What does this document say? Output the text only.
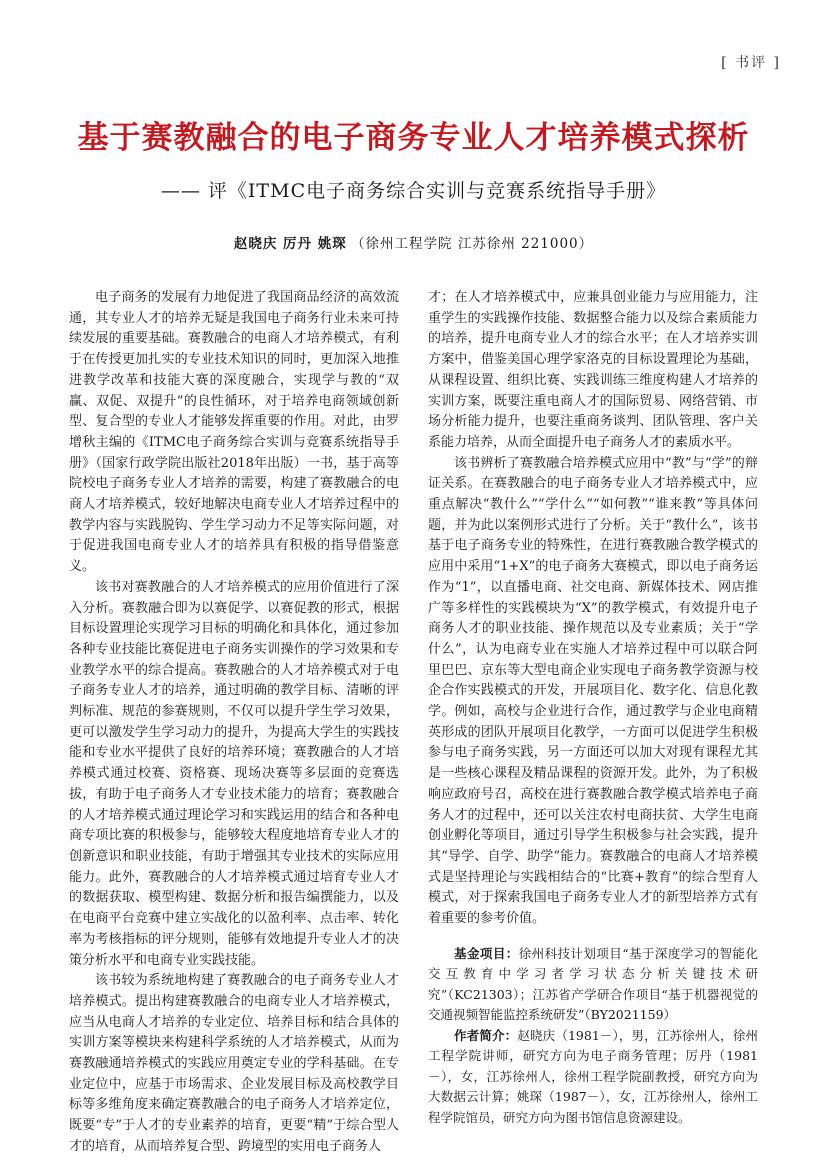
[ 书评 ]
基于赛教融合的电子商务专业人才培养模式探析
—— 评《ITMC电子商务综合实训与竞赛系统指导手册》
赵晓庆 厉丹 姚琛 （徐州工程学院 江苏徐州 221000）

电子商务的发展有力地促进了我国商品经济的高效流通，其专业人才的培养无疑是我国电子商务行业未来可持续发展的重要基础。赛教融合的电商人才培养模式，有利于在传授更加扎实的专业技术知识的同时，更加深入地推进教学改革和技能大赛的深度融合，实现学与教的“双赢、双促、双提升”的良性循环，对于培养电商领域创新型、复合型的专业人才能够发挥重要的作用。对此，由罗增秋主编的《ITMC电子商务综合实训与竞赛系统指导手册》（国家行政学院出版社2018年出版）一书，基于高等院校电子商务专业人才培养的需要，构建了赛教融合的电商人才培养模式，较好地解决电商专业人才培养过程中的教学内容与实践脱钩、学生学习动力不足等实际问题，对于促进我国电商专业人才的培养具有积极的指导借鉴意义。

该书对赛教融合的人才培养模式的应用价值进行了深入分析。赛教融合即为以赛促学、以赛促教的形式，根据目标设置理论实现学习目标的明确化和具体化，通过参加各种专业技能比赛促进电子商务实训操作的学习效果和专业教学水平的综合提高。赛教融合的人才培养模式对于电子商务专业人才的培养，通过明确的教学目标、清晰的评判标准、规范的参赛规则，不仅可以提升学生学习效果，更可以激发学生学习动力的提升，为提高大学生的实践技能和专业水平提供了良好的培养环境；赛教融合的人才培养模式通过校赛、资格赛、现场决赛等多层面的竞赛选拔，有助于电子商务人才专业技术能力的培育；赛教融合的人才培养模式通过理论学习和实践运用的结合和各种电商专项比赛的积极参与，能够较大程度地培育专业人才的创新意识和职业技能，有助于增强其专业技术的实际应用能力。此外，赛教融合的人才培养模式通过培育专业人才的数据获取、模型构建、数据分析和报告编撰能力，以及在电商平台竞赛中建立实战化的以盈利率、点击率、转化率为考核指标的评分规则，能够有效地提升专业人才的决策分析水平和电商专业实践技能。

该书较为系统地构建了赛教融合的电子商务专业人才培养模式。提出构建赛教融合的电商专业人才培养模式，应当从电商人才培养的专业定位、培养目标和结合具体的实训方案等模块来构建科学系统的人才培养模式，从而为赛教融通培养模式的实践应用奠定专业的学科基础。在专业定位中，应基于市场需求、企业发展目标及高校教学目标等多维角度来确定赛教融合的电子商务人才培养定位，既要“专”于人才的专业素养的培育，更要“精”于综合型人才的培育，从而培养复合型、跨境型的实用电子商务人

才；在人才培养模式中，应兼具创业能力与应用能力，注重学生的实践操作技能、数据整合能力以及综合素质能力的培养，提升电商专业人才的综合水平；在人才培养实训方案中，借鉴美国心理学家洛克的目标设置理论为基础，从课程设置、组织比赛、实践训练三维度构建人才培养的实训方案，既要注重电商人才的国际贸易、网络营销、市场分析能力提升，也要注重商务谈判、团队管理、客户关系能力培养，从而全面提升电子商务人才的素质水平。

该书辨析了赛教融合培养模式应用中“教”与“学”的辩证关系。在赛教融合的电子商务专业人才培养模式中，应重点解决“教什么”“学什么”“如何教”“谁来教”等具体问题，并为此以案例形式进行了分析。关于“教什么”，该书基于电子商务专业的特殊性，在进行赛教融合教学模式的应用中采用“1+X”的电子商务大赛模式，即以电子商务运作为“1”，以直播电商、社交电商、新媒体技术、网店推广等多样性的实践模块为“X”的教学模式，有效提升电子商务人才的职业技能、操作规范以及专业素质；关于“学什么”，认为电商专业在实施人才培养过程中可以联合阿里巴巴、京东等大型电商企业实现电子商务教学资源与校企合作实践模式的开发，开展项目化、数字化、信息化教学。例如，高校与企业进行合作，通过教学与企业电商精英形成的团队开展项目化教学，一方面可以促进学生积极参与电子商务实践，另一方面还可以加大对现有课程尤其是一些核心课程及精品课程的资源开发。此外，为了积极响应政府号召，高校在进行赛教融合教学模式培养电子商务人才的过程中，还可以关注农村电商扶贫、大学生电商创业孵化等项目，通过引导学生积极参与社会实践，提升其“导学、自学、助学”能力。赛教融合的电商人才培养模式是坚持理论与实践相结合的“比赛+教育”的综合型育人模式，对于探索我国电子商务专业人才的新型培养方式有着重要的参考价值。

基金项目：徐州科技计划项目“基于深度学习的智能化交互教育中学习者学习状态分析关键技术研究”（KC21303）；江苏省产学研合作项目“基于机器视觉的交通视频智能监控系统研发”（BY2021159）

作者简介：赵晓庆（1981－），男，江苏徐州人，徐州工程学院讲师，研究方向为电子商务管理；厉丹（1981－），女，江苏徐州人，徐州工程学院副教授，研究方向为大数据云计算；姚琛（1987－），女，江苏徐州人，徐州工程学院馆员，研究方向为图书馆信息资源建设。
